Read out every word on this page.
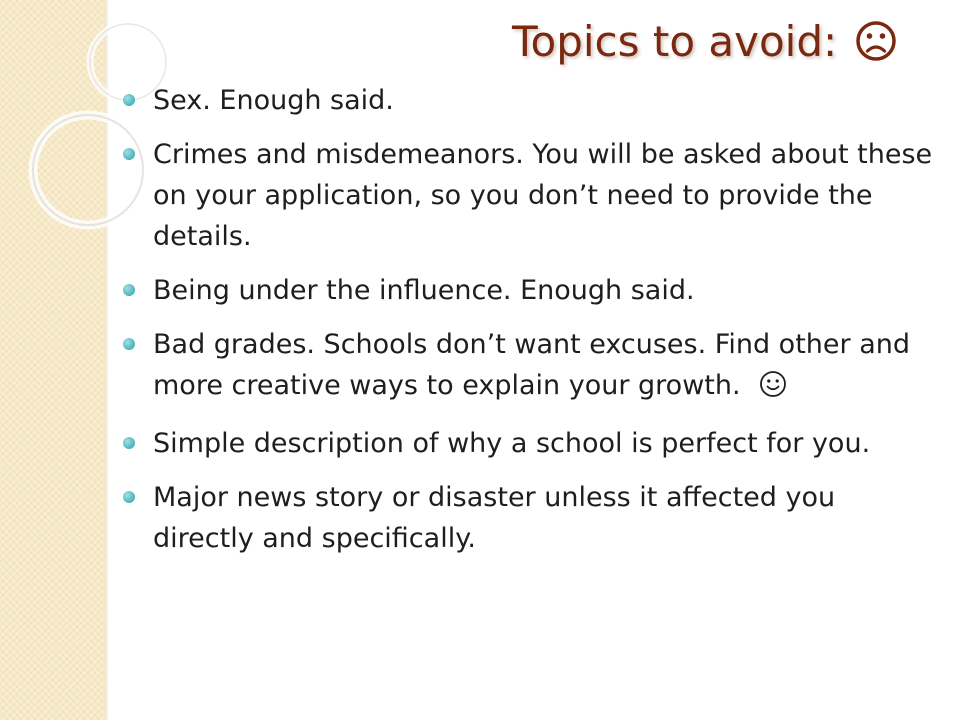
Topics to avoid:
Sex. Enough said.
Crimes and misdemeanors. You will be asked about these on your application, so you don’t need to provide the details.
Being under the influence. Enough said.
Bad grades. Schools don’t want excuses. Find other and more creative ways to explain your growth.
Simple description of why a school is perfect for you.
Major news story or disaster unless it affected you directly and specifically.
